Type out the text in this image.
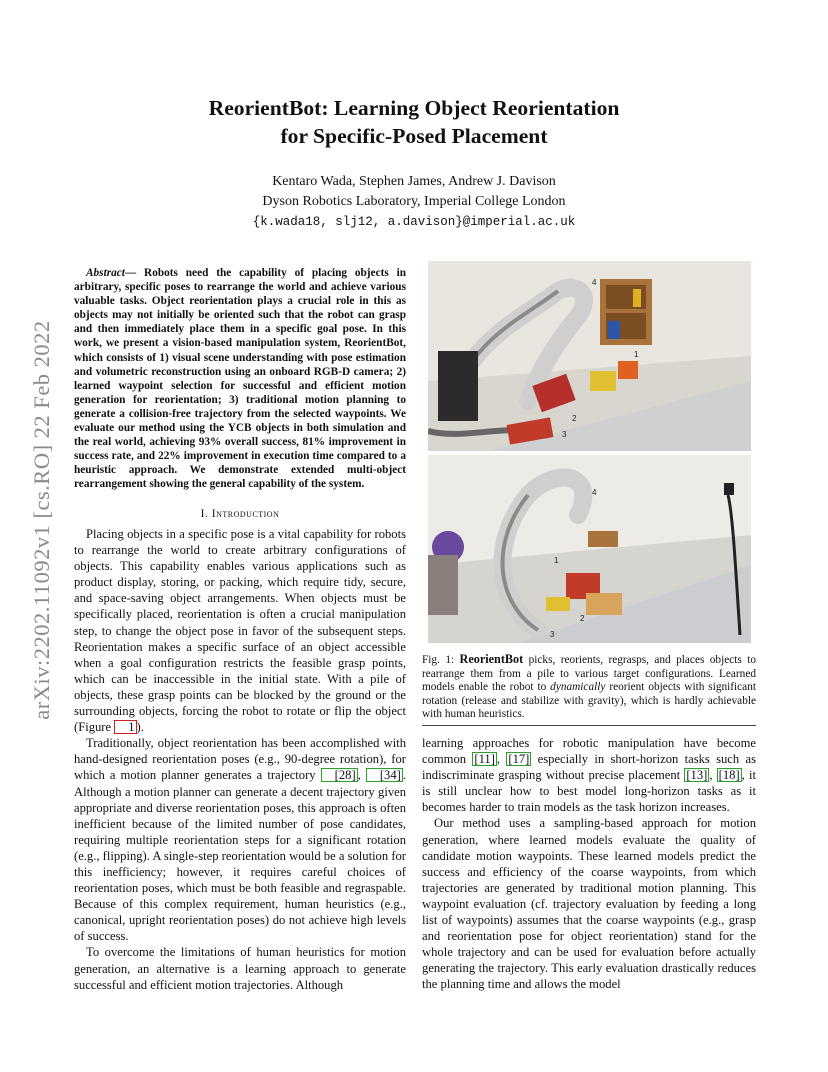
arXiv:2202.11092v1 [cs.RO] 22 Feb 2022
ReorientBot: Learning Object Reorientation
for Specific-Posed Placement
Kentaro Wada, Stephen James, Andrew J. Davison
Dyson Robotics Laboratory, Imperial College London
{k.wada18, slj12, a.davison}@imperial.ac.uk
Abstract— Robots need the capability of placing objects in arbitrary, specific poses to rearrange the world and achieve various valuable tasks. Object reorientation plays a crucial role in this as objects may not initially be oriented such that the robot can grasp and then immediately place them in a specific goal pose. In this work, we present a vision-based manipulation system, ReorientBot, which consists of 1) visual scene understanding with pose estimation and volumetric reconstruction using an onboard RGB-D camera; 2) learned waypoint selection for successful and efficient motion generation for reorientation; 3) traditional motion planning to generate a collision-free trajectory from the selected waypoints. We evaluate our method using the YCB objects in both simulation and the real world, achieving 93% overall success, 81% improvement in success rate, and 22% improvement in execution time compared to a heuristic approach. We demonstrate extended multi-object rearrangement showing the general capability of the system.
I. Introduction

Placing objects in a specific pose is a vital capability for robots to rearrange the world to create arbitrary configurations of objects. This capability enables various applications such as product display, storing, or packing, which require tidy, secure, and space-saving object arrangements. When objects must be specifically placed, reorientation is often a crucial manipulation step, to change the object pose in favor of the subsequent steps. Reorientation makes a specific surface of an object accessible when a goal configuration restricts the feasible grasp points, which can be inaccessible in the initial state. With a pile of objects, these grasp points can be blocked by the ground or the surrounding objects, forcing the robot to rotate or flip the object (Figure 1 ).

Traditionally, object reorientation has been accomplished with hand-designed reorientation poses (e.g., 90-degree rotation), for which a motion planner generates a trajectory [28] , [34] . Although a motion planner can generate a decent trajectory given appropriate and diverse reorientation poses, this approach is often inefficient because of the limited number of pose candidates, requiring multiple reorientation steps for a significant rotation (e.g., flipping). A single-step reorientation would be a solution for this inefficiency; however, it requires careful choices of reorientation poses, which must be both feasible and regraspable. Because of this complex requirement, human heuristics (e.g., canonical, upright reorientation poses) do not achieve high levels of success.

To overcome the limitations of human heuristics for motion generation, an alternative is a learning approach to generate successful and efficient motion trajectories. Although

4
1
2
3
4
1
2
3
Fig. 1: ReorientBot picks, reorients, regrasps, and places objects to rearrange them from a pile to various target configurations. Learned models enable the robot to dynamically reorient objects with significant rotation (release and stabilize with gravity), which is hardly achievable with human heuristics.

learning approaches for robotic manipulation have become common [11] , [17] especially in short-horizon tasks such as indiscriminate grasping without precise placement [13] , [18] , it is still unclear how to best model long-horizon tasks as it becomes harder to train models as the task horizon increases.

Our method uses a sampling-based approach for motion generation, where learned models evaluate the quality of candidate motion waypoints. These learned models predict the success and efficiency of the coarse waypoints, from which trajectories are generated by traditional motion planning. This waypoint evaluation (cf. trajectory evaluation by feeding a long list of waypoints) assumes that the coarse waypoints (e.g., grasp and reorientation pose for object reorientation) stand for the whole trajectory and can be used for evaluation before actually generating the trajectory. This early evaluation drastically reduces the planning time and allows the model
